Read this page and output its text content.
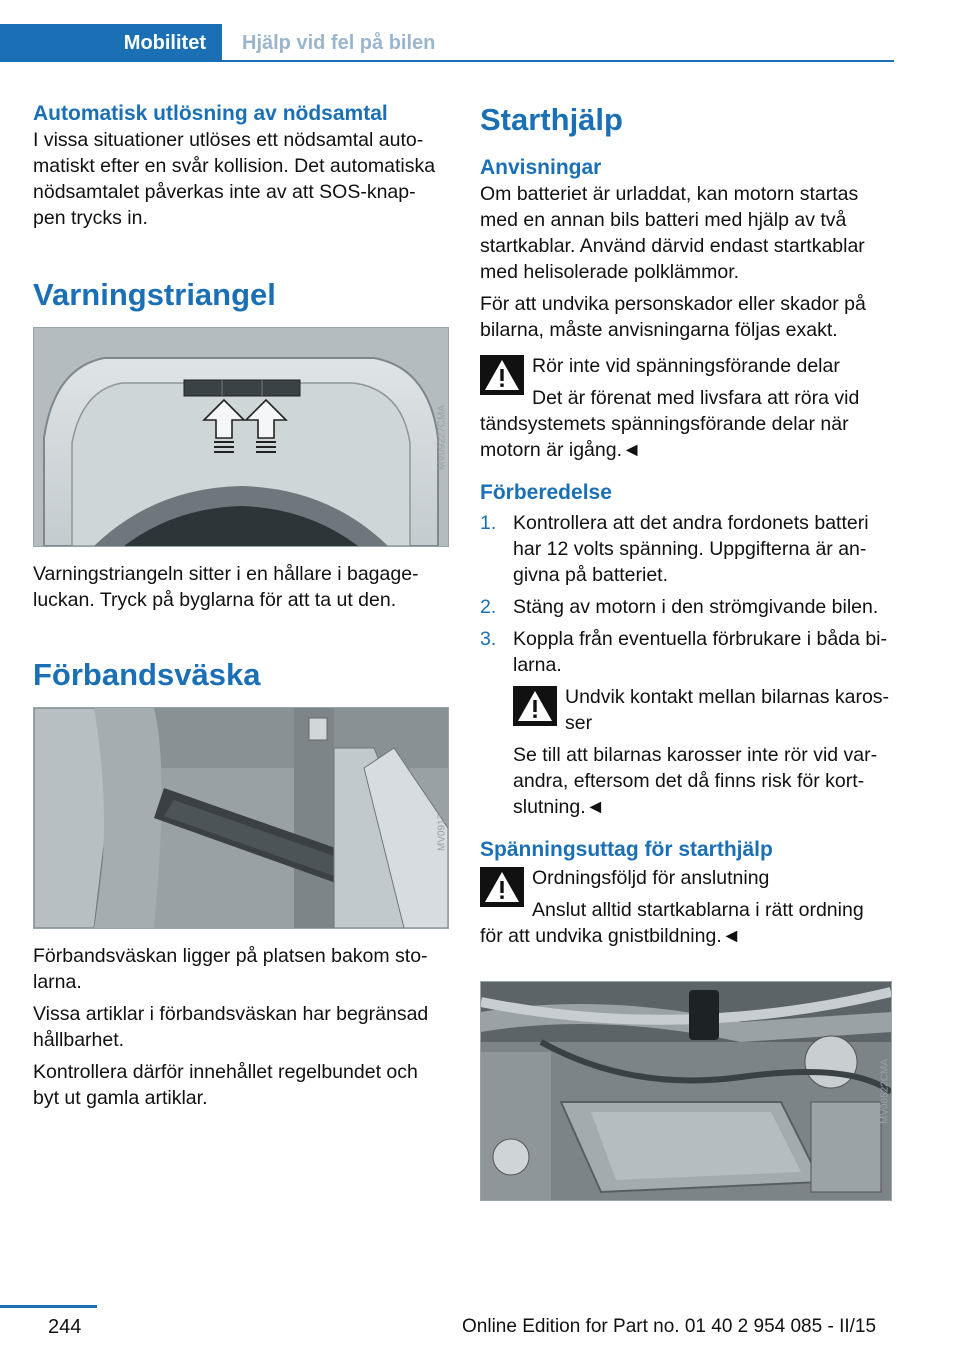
Mobilitet Hjälp vid fel på bilen
Automatisk utlösning av nödsamtal

I vissa situationer utlöses ett nödsamtal auto-
matiskt efter en svår kollision. Det automatiska
nödsamtalet påverkas inte av att SOS-knap-
pen trycks in.

Varningstriangel
MV09227CMA

Varningstriangeln sitter i en hållare i bagage-
luckan. Tryck på byglarna för att ta ut den.

Förbandsväska
MV09177CMA

Förbandsväskan ligger på platsen bakom sto-
larna.

Vissa artiklar i förbandsväskan har begränsad
hållbarhet.

Kontrollera därför innehållet regelbundet och
byt ut gamla artiklar.

Starthjälp
Anvisningar

Om batteriet är urladdat, kan motorn startas
med en annan bils batteri med hjälp av två
startkablar. Använd därvid endast startkablar
med helisolerade polklämmor.

För att undvika personskador eller skador på
bilarna, måste anvisningarna följas exakt.

Rör inte vid spänningsförande delar

Det är förenat med livsfara att röra vid

tändsystemets spänningsförande delar när
motorn är igång.◄

Förberedelse
1. Kontrollera att det andra fordonets batteri
har 12 volts spänning. Uppgifterna är an-
givna på batteriet.
2. Stäng av motorn i den strömgivande bilen.
3. Koppla från eventuella förbrukare i båda bi-
larna.

Undvik kontakt mellan bilarnas karos-
ser

Se till att bilarnas karosser inte rör vid var-
andra, eftersom det då finns risk för kort-
slutning.◄

Spänningsuttag för starthjälp

Ordningsföljd för anslutning

Anslut alltid startkablarna i rätt ordning

för att undvika gnistbildning.◄

MV08522CMA
244	Online Edition for Part no. 01 40 2 954 085 - II/15
